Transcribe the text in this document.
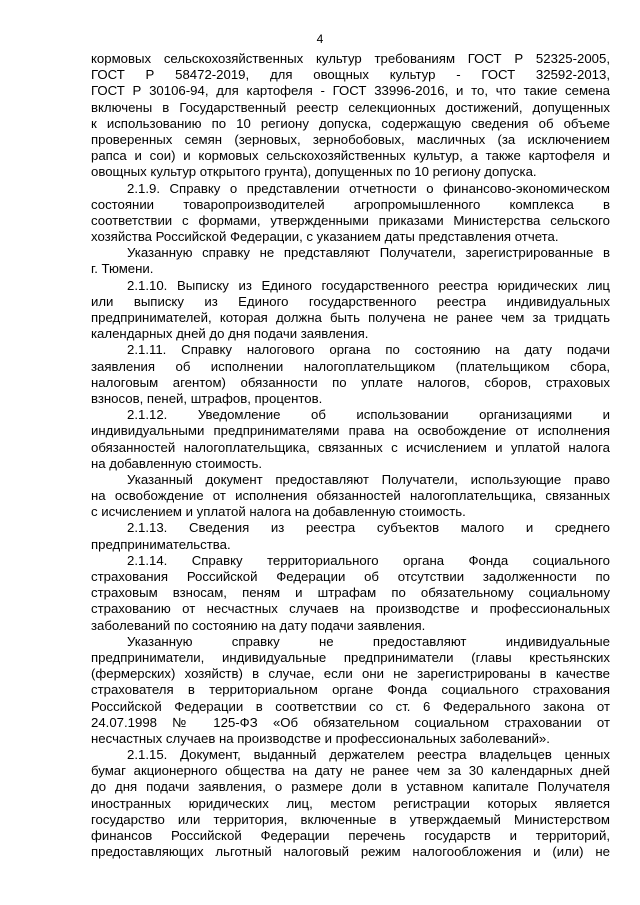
4
кормовых сельскохозяйственных культур требованиям ГОСТ Р 52325-2005,
ГОСТ Р 58472-2019, для овощных культур - ГОСТ 32592-2013,
ГОСТ Р 30106-94, для картофеля - ГОСТ 33996-2016, и то, что такие семена
включены в Государственный реестр селекционных достижений, допущенных
к использованию по 10 региону допуска, содержащую сведения об объеме
проверенных семян (зерновых, зернобобовых, масличных (за исключением
рапса и сои) и кормовых сельскохозяйственных культур, а также картофеля и
овощных культур открытого грунта), допущенных по 10 региону допуска.
2.1.9. Справку о представлении отчетности о финансово-экономическом
состоянии товаропроизводителей агропромышленного комплекса в
соответствии с формами, утвержденными приказами Министерства сельского
хозяйства Российской Федерации, с указанием даты представления отчета.
Указанную справку не представляют Получатели, зарегистрированные в
г. Тюмени.
2.1.10. Выписку из Единого государственного реестра юридических лиц
или выписку из Единого государственного реестра индивидуальных
предпринимателей, которая должна быть получена не ранее чем за тридцать
календарных дней до дня подачи заявления.
2.1.11. Справку налогового органа по состоянию на дату подачи
заявления об исполнении налогоплательщиком (плательщиком сбора,
налоговым агентом) обязанности по уплате налогов, сборов, страховых
взносов, пеней, штрафов, процентов.
2.1.12. Уведомление об использовании организациями и
индивидуальными предпринимателями права на освобождение от исполнения
обязанностей налогоплательщика, связанных с исчислением и уплатой налога
на добавленную стоимость.
Указанный документ предоставляют Получатели, использующие право
на освобождение от исполнения обязанностей налогоплательщика, связанных
с исчислением и уплатой налога на добавленную стоимость.
2.1.13. Сведения из реестра субъектов малого и среднего
предпринимательства.
2.1.14. Справку территориального органа Фонда социального
страхования Российской Федерации об отсутствии задолженности по
страховым взносам, пеням и штрафам по обязательному социальному
страхованию от несчастных случаев на производстве и профессиональных
заболеваний по состоянию на дату подачи заявления.
Указанную справку не предоставляют индивидуальные
предприниматели, индивидуальные предприниматели (главы крестьянских
(фермерских) хозяйств) в случае, если они не зарегистрированы в качестве
страхователя в территориальном органе Фонда социального страхования
Российской Федерации в соответствии со ст. 6 Федерального закона от
24.07.1998 № 125-ФЗ «Об обязательном социальном страховании от
несчастных случаев на производстве и профессиональных заболеваний».
2.1.15. Документ, выданный держателем реестра владельцев ценных
бумаг акционерного общества на дату не ранее чем за 30 календарных дней
до дня подачи заявления, о размере доли в уставном капитале Получателя
иностранных юридических лиц, местом регистрации которых является
государство или территория, включенные в утверждаемый Министерством
финансов Российской Федерации перечень государств и территорий,
предоставляющих льготный налоговый режим налогообложения и (или) не
